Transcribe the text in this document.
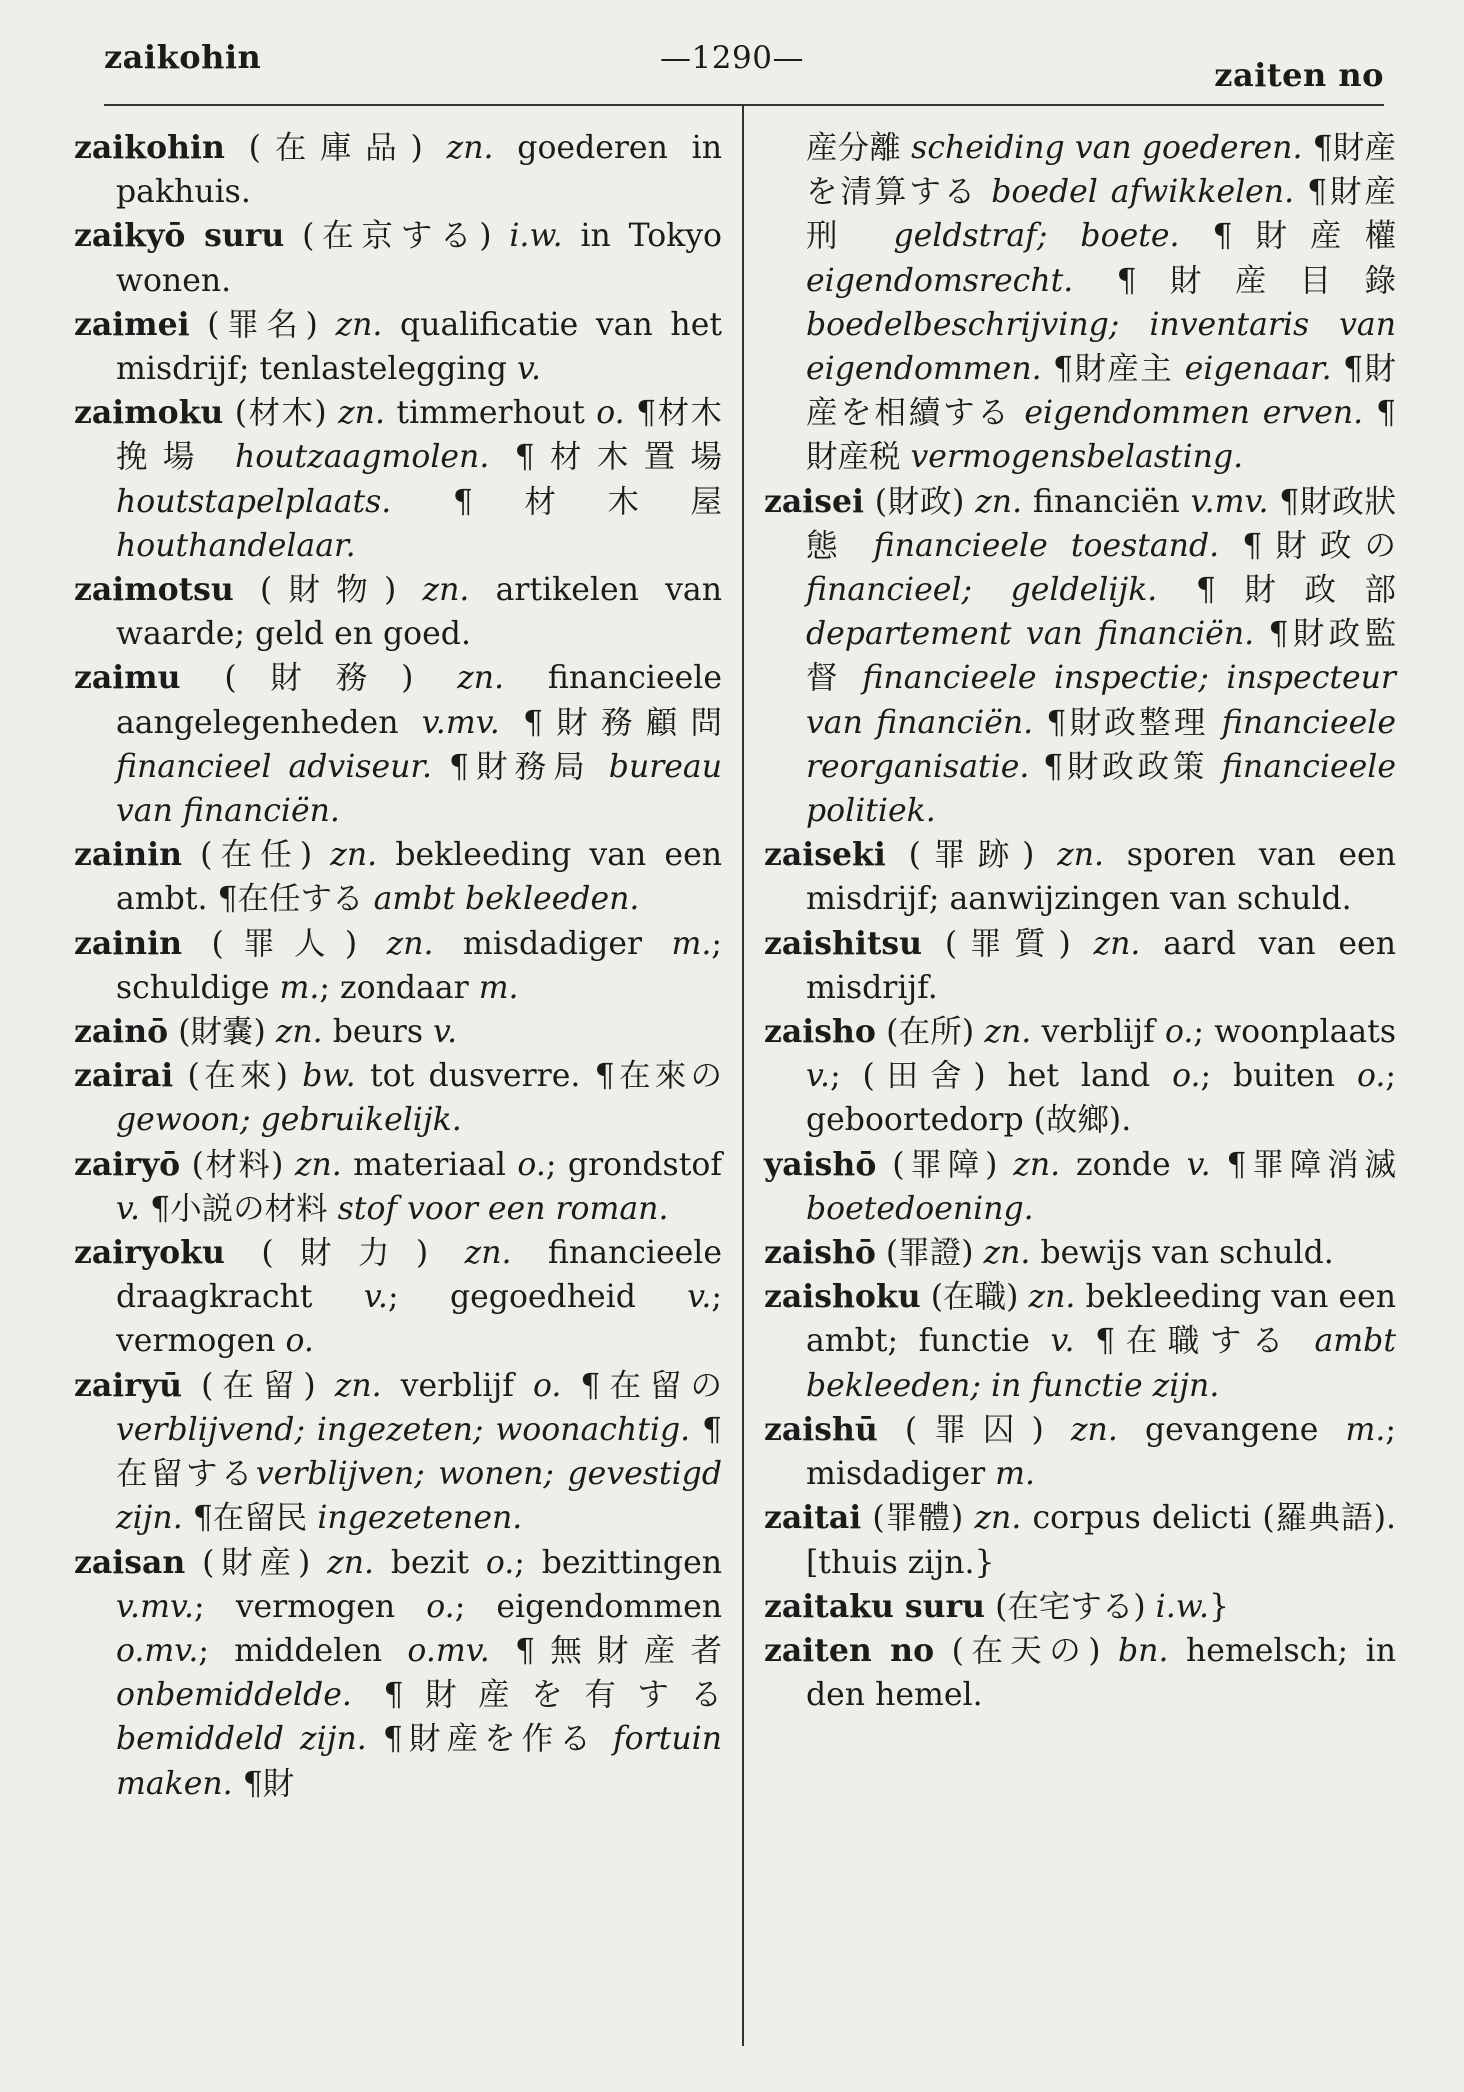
zaikohin	—1290—	zaiten no

zaikohin (在庫品) zn. goederen in pakhuis.

zaikyō suru (在京する) i.w. in Tokyo wonen.

zaimei (罪名) zn. qualificatie van het misdrijf; tenlastelegging v.

zaimoku (材木) zn. timmerhout o. ¶材木挽場 houtzaagmolen. ¶材木置場 houtstapelplaats. ¶材木屋 houthandelaar.

zaimotsu (財物) zn. artikelen van waarde; geld en goed.

zaimu (財務) zn. financieele aangelegenheden v.mv. ¶財務顧問 financieel adviseur. ¶財務局 bureau van financiën.

zainin (在任) zn. bekleeding van een ambt. ¶在任する ambt bekleeden.

zainin (罪人) zn. misdadiger m.; schuldige m.; zondaar m.

zainō (財嚢) zn. beurs v.

zairai (在來) bw. tot dusverre. ¶在來の gewoon; gebruikelijk.

zairyō (材料) zn. materiaal o.; grondstof v. ¶小説の材料 stof voor een roman.

zairyoku (財力) zn. financieele draagkracht v.; gegoedheid v.; vermogen o.

zairyū (在留) zn. verblijf o. ¶在留の verblijvend; ingezeten; woonachtig. ¶在留するverblijven; wonen; gevestigd zijn. ¶在留民 ingezetenen.

zaisan (財産) zn. bezit o.; bezittingen v.mv.; vermogen o.; eigendommen o.mv.; middelen o.mv. ¶無財産者 onbemiddelde. ¶財産を有する bemiddeld zijn. ¶財産を作る fortuin maken. ¶財

産分離 scheiding van goederen. ¶財産を清算する boedel afwikkelen. ¶財産刑 geldstraf; boete. ¶財産權 eigendomsrecht. ¶財産目錄 boedelbeschrijving; inventaris van eigendommen. ¶財産主 eigenaar. ¶財産を相續する eigendommen erven. ¶財産税 vermogensbelasting.

zaisei (財政) zn. financiën v.mv. ¶財政狀態 financieele toestand. ¶財政の financieel; geldelijk. ¶財政部 departement van financiën. ¶財政監督 financieele inspectie; inspecteur van financiën. ¶財政整理 financieele reorganisatie. ¶財政政策 financieele politiek.

zaiseki (罪跡) zn. sporen van een misdrijf; aanwijzingen van schuld.

zaishitsu (罪質) zn. aard van een misdrijf.

zaisho (在所) zn. verblijf o.; woonplaats v.; (田舍) het land o.; buiten o.; geboortedorp (故鄉).

yaishō (罪障) zn. zonde v. ¶罪障消滅 boetedoening.

zaishō (罪證) zn. bewijs van schuld.

zaishoku (在職) zn. bekleeding van een ambt; functie v. ¶在職する ambt bekleeden; in functie zijn.

zaishū (罪囚) zn. gevangene m.; misdadiger m.

zaitai (罪體) zn. corpus delicti (羅典語). [thuis zijn.}

zaitaku suru (在宅する) i.w.}

zaiten no (在天の) bn. hemelsch; in den hemel.
